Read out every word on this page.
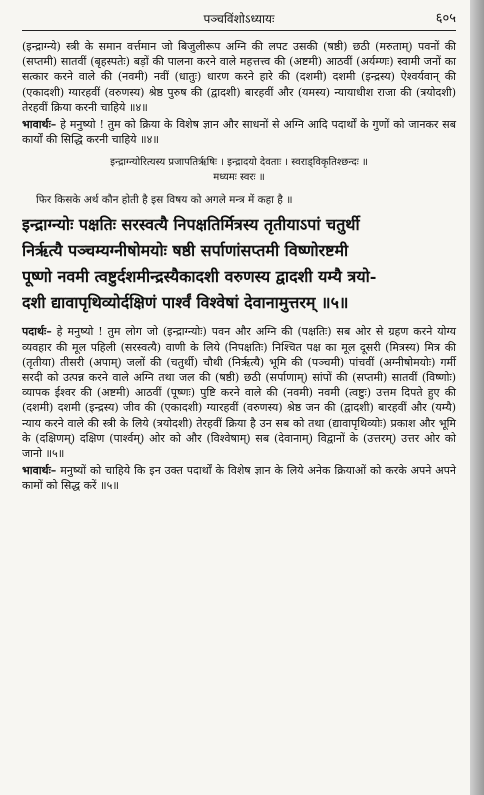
पञ्चविंशोऽध्यायः	६०५

(इन्द्राग्न्ये) स्त्री के समान वर्त्तमान जो बिजुलीरूप अग्नि की लपट उसकी (षष्ठी) छठी (मरुताम्) पवनों की (सप्तमी) सातवीं (बृहस्पतेः) बड़ों की पालना करने वाले महत्तत्त्व की (अष्टमी) आठवीं (अर्यम्णः) स्वामी जनों का सत्कार करने वाले की (नवमी) नवीं (धातुः) धारण करने हारे की (दशमी) दशमी (इन्द्रस्य) ऐश्वर्यवान् की (एकादशी) ग्यारहवीं (वरुणस्य) श्रेष्ठ पुरुष की (द्वादशी) बारहवीं और (यमस्य) न्यायाधीश राजा की (त्रयोदशी) तेरहवीं क्रिया करनी चाहिये ॥४॥

भावार्थः– हे मनुष्यो ! तुम को क्रिया के विशेष ज्ञान और साधनों से अग्नि आदि पदार्थों के गुणों को जानकर सब कार्यों की सिद्धि करनी चाहिये ॥४॥

इन्द्राग्न्योरित्यस्य प्रजापतिर्ऋषिः । इन्द्रादयो देवताः । स्वराड्विकृतिश्छन्दः ॥
मध्यमः स्वरः ॥
फिर किसके अर्थ कौन होती है इस विषय को अगले मन्त्र में कहा है ॥
इन्द्राग्न्योः पक्षतिः सरस्वत्यै निपक्षतिर्मित्रस्य तृतीयाऽपां चतुर्थी
निर्ऋत्यै पञ्चम्यग्नीषोमयोः षष्ठी सर्पाणांसप्तमी विष्णोरष्टमी
पूष्णो नवमी त्वष्टुर्दशमीन्द्रस्यैकादशी वरुणस्य द्वादशी यम्यै त्रयो-
दशी द्यावापृथिव्योर्दक्षिणं पार्श्वं विश्वेषां देवानामुत्तरम् ॥५॥

पदार्थः– हे मनुष्यो ! तुम लोग जो (इन्द्राग्न्योः) पवन और अग्नि की (पक्षतिः) सब ओर से ग्रहण करने योग्य व्यवहार की मूल पहिली (सरस्वत्यै) वाणी के लिये (निपक्षतिः) निश्चित पक्ष का मूल दूसरी (मित्रस्य) मित्र की (तृतीया) तीसरी (अपाम्) जलों की (चतुर्थी) चौथी (निर्ऋत्यै) भूमि की (पञ्चमी) पांचवीं (अग्नीषोमयोः) गर्मी सरदी को उत्पन्न करने वाले अग्नि तथा जल की (षष्ठी) छठी (सर्पाणाम्) सांपों की (सप्तमी) सातवीं (विष्णोः) व्यापक ईश्वर की (अष्टमी) आठवीं (पूष्णः) पुष्टि करने वाले की (नवमी) नवमी (त्वष्टुः) उत्तम दिपते हुए की (दशमी) दशमी (इन्द्रस्य) जीव की (एकादशी) ग्यारहवीं (वरुणस्य) श्रेष्ठ जन की (द्वादशी) बारहवीं और (यम्यै) न्याय करने वाले की स्त्री के लिये (त्रयोदशी) तेरहवीं क्रिया है उन सब को तथा (द्यावापृथिव्योः) प्रकाश और भूमि के (दक्षिणम्) दक्षिण (पार्श्वम्) ओर को और (विश्वेषाम्) सब (देवानाम्) विद्वानों के (उत्तरम्) उत्तर ओर को जानो ॥५॥

भावार्थः– मनुष्यों को चाहिये कि इन उक्त पदार्थों के विशेष ज्ञान के लिये अनेक क्रियाओं को करके अपने अपने कामों को सिद्ध करें ॥५॥
